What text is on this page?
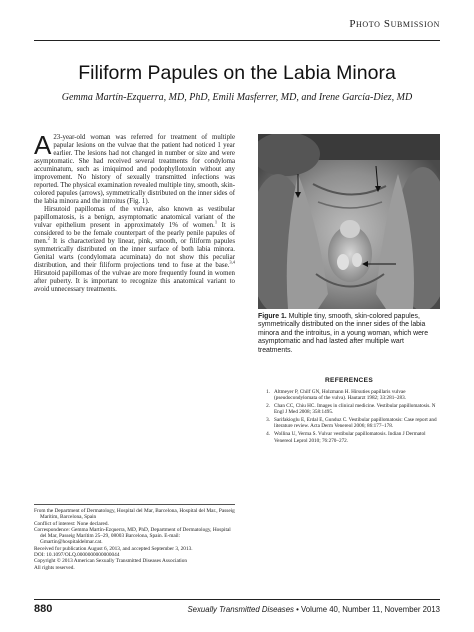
Photo Submission
Filiform Papules on the Labia Minora
Gemma Martín-Ezquerra, MD, PhD, Emili Masferrer, MD, and Irene García-Diez, MD

A 23-year-old woman was referred for treatment of multiple papular lesions on the vulvae that the patient had noticed 1 year earlier. The lesions had not changed in number or size and were asymptomatic. She had received several treatments for condyloma accuminatum, such as imiquimod and podophyllotoxin without any improvement. No history of sexually transmitted infections was reported. The physical examination revealed multiple tiny, smooth, skin-colored papules (arrows), symmetrically distributed on the inner sides of the labia minora and the introitus (Fig. 1).

Hirsutoid papillomas of the vulvae, also known as vestibular papillomatosis, is a benign, asymptomatic anatomical variant of the vulvar epithelium present in approximately 1% of women.$^1$ It is considered to be the female counterpart of the pearly penile papules of men.$^2$ It is characterized by linear, pink, smooth, or filiform papules symmetrically distributed on the inner surface of both labia minora. Genital warts (condylomata acuminata) do not show this peculiar distribution, and their filiform projections tend to fuse at the base.$^{3,4}$ Hirsutoid papillomas of the vulvae are more frequently found in women after puberty. It is important to recognize this anatomical variant to avoid unnecessary treatments.

Figure 1. Multiple tiny, smooth, skin-colored papules, symmetrically distributed on the inner sides of the labia minora and the introitus, in a young woman, which were asymptomatic and had lasted after multiple wart treatments.
REFERENCES
1. Altmeyer P, Chilf GN, Holzmann H. Hirsuties papillaris vulvae (pseudocondylomata of the vulva). Hautarzt 1982; 33:281–283.
2. Chan CC, Chiu HC. Images in clinical medicine. Vestibular papillomatosis. N Engl J Med 2008; 358:1495.
3. Sarifakioglu E, Erdal E, Gunduz C. Vestibular papillomatosis: Case report and literature review. Acta Derm Venereol 2006; 86:177–178.
4. Wollina U, Verma S. Vulvar vestibular papillomatosis. Indian J Dermatol Venereol Leprol 2010; 76:270–272.
From the Department of Dermatology, Hospital del Mar, Barcelona, Hospital del Mar., Passeig Marítim, Barcelona, Spain
Conflict of interest: None declared.
Correspondence: Gemma Martín-Ezquerra, MD, PhD, Department of Dermatology, Hospital del Mar, Passeig Marítim 25–29, 08003 Barcelona, Spain. E-mail: Gmartin@hospitaldelmar.cat.
Received for publication August 6, 2013, and accepted September 3, 2013.
DOI: 10.1097/OLQ.0000000000000044
Copyright © 2013 American Sexually Transmitted Diseases Association
All rights reserved.
880	Sexually Transmitted Diseases • Volume 40, Number 11, November 2013
